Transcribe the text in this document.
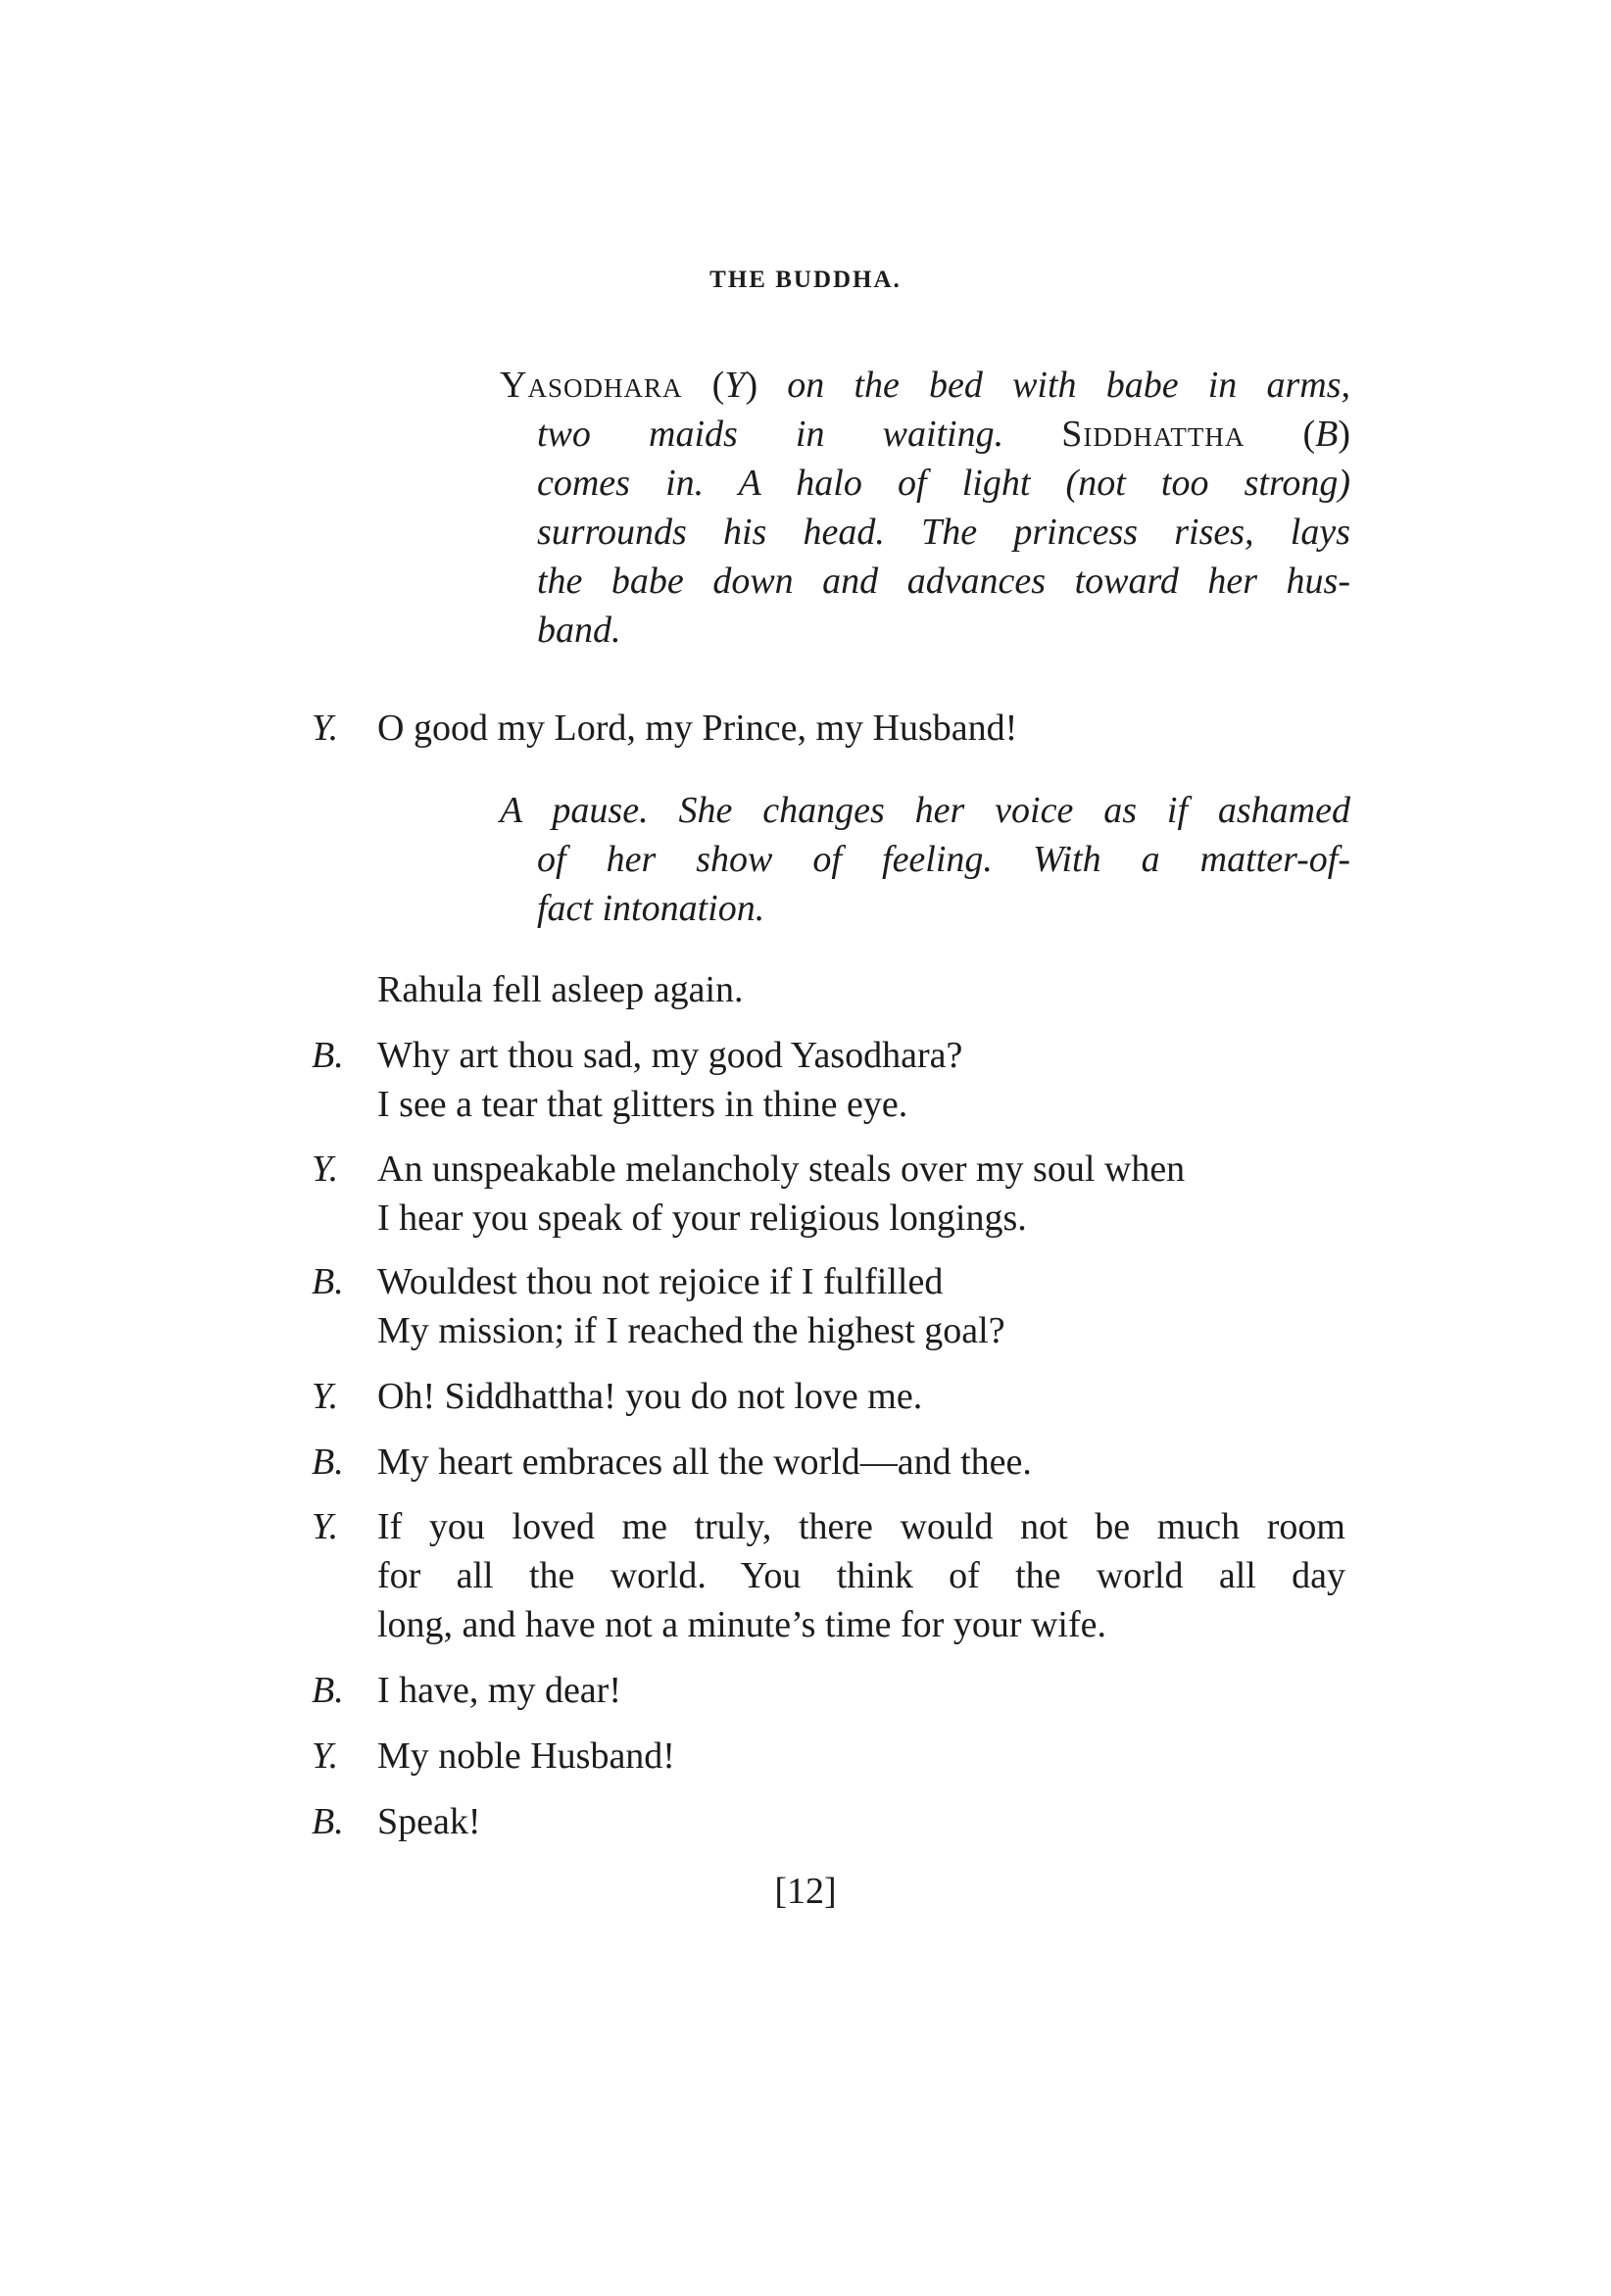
THE BUDDHA.
Yasodhara (Y) on the bed with babe in arms,
two maids in waiting. Siddhattha (B)
comes in. A halo of light (not too strong)
surrounds his head. The princess rises, lays
the babe down and advances toward her hus-
band.
Y. O good my Lord, my Prince, my Husband!
A pause. She changes her voice as if ashamed
of her show of feeling. With a matter-of-
fact intonation.
Rahula fell asleep again.
B. Why art thou sad, my good Yasodhara?
I see a tear that glitters in thine eye.
Y. An unspeakable melancholy steals over my soul when
I hear you speak of your religious longings.
B. Wouldest thou not rejoice if I fulfilled
My mission; if I reached the highest goal?
Y. Oh! Siddhattha! you do not love me.
B. My heart embraces all the world—and thee.
Y. If you loved me truly, there would not be much room
for all the world. You think of the world all day
long, and have not a minute’s time for your wife.
B. I have, my dear!
Y. My noble Husband!
B. Speak!
[12]
